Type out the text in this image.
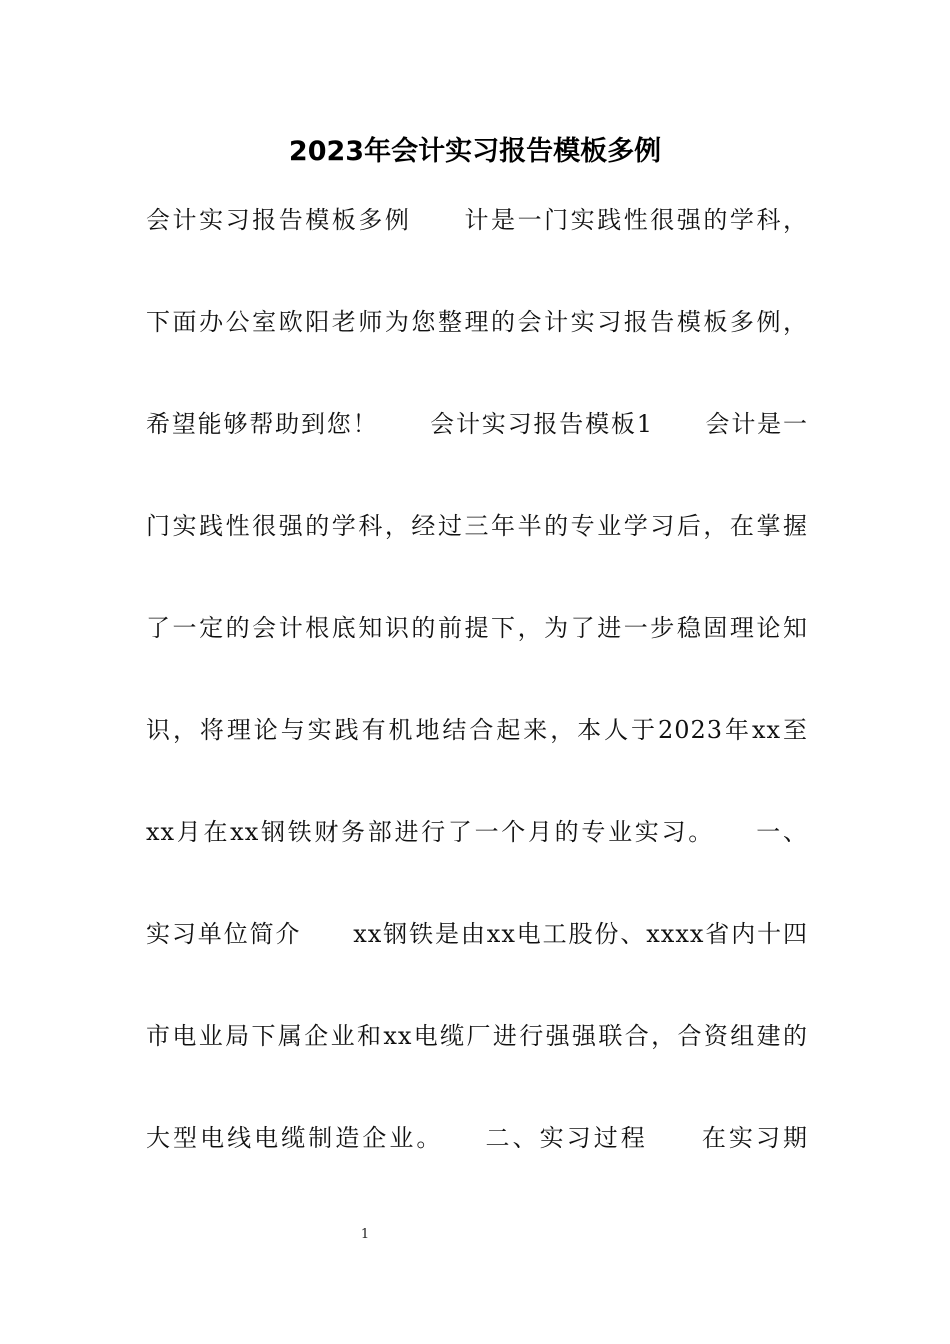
2023年会计实习报告模板多例
会计实习报告模板多例　　计是一门实践性很强的学科，
下面办公室欧阳老师为您整理的会计实习报告模板多例，
希望能够帮助到您！　　会计实习报告模板1　　会计是一
门实践性很强的学科，经过三年半的专业学习后，在掌握
了一定的会计根底知识的前提下，为了进一步稳固理论知
识，将理论与实践有机地结合起来，本人于2023年xx至
xx月在xx钢铁财务部进行了一个月的专业实习。　　一、
实习单位简介　　xx钢铁是由xx电工股份、xxxx省内十四
市电业局下属企业和xx电缆厂进行强强联合，合资组建的
大型电线电缆制造企业。　　二、实习过程　　在实习期
1
